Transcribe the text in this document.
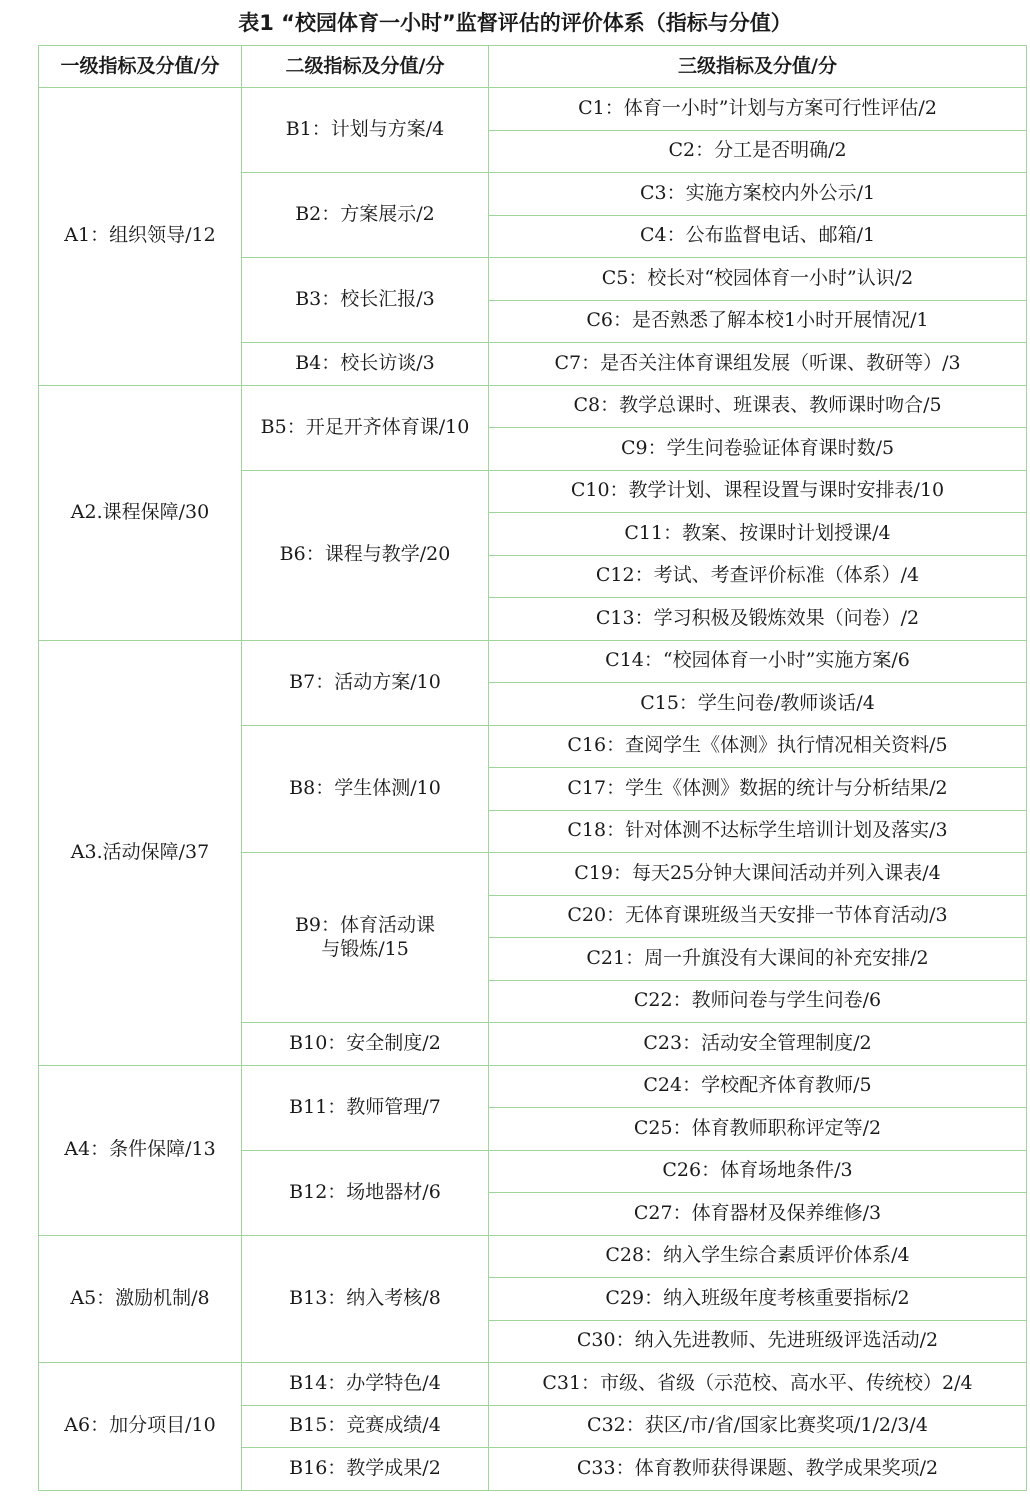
表1 “校园体育一小时”监督评估的评价体系（指标与分值）
一级指标及分值/分	二级指标及分值/分	三级指标及分值/分
A1：组织领导/12	B1：计划与方案/4	C1：体育一小时”计划与方案可行性评估/2
		C2：分工是否明确/2
	B2：方案展示/2	C3：实施方案校内外公示/1
		C4：公布监督电话、邮箱/1
	B3：校长汇报/3	C5：校长对“校园体育一小时”认识/2
		C6：是否熟悉了解本校1小时开展情况/1
	B4：校长访谈/3	C7：是否关注体育课组发展（听课、教研等）/3
A2.课程保障/30	B5：开足开齐体育课/10	C8：教学总课时、班课表、教师课时吻合/5
		C9：学生问卷验证体育课时数/5
	B6：课程与教学/20	C10：教学计划、课程设置与课时安排表/10
		C11：教案、按课时计划授课/4
		C12：考试、考查评价标准（体系）/4
		C13：学习积极及锻炼效果（问卷）/2
A3.活动保障/37	B7：活动方案/10	C14：“校园体育一小时”实施方案/6
		C15：学生问卷/教师谈话/4
	B8：学生体测/10	C16：查阅学生《体测》执行情况相关资料/5
		C17：学生《体测》数据的统计与分析结果/2
		C18：针对体测不达标学生培训计划及落实/3
	B9：体育活动课
与锻炼/15	C19：每天25分钟大课间活动并列入课表/4
		C20：无体育课班级当天安排一节体育活动/3
		C21：周一升旗没有大课间的补充安排/2
		C22：教师问卷与学生问卷/6
	B10：安全制度/2	C23：活动安全管理制度/2
A4：条件保障/13	B11：教师管理/7	C24：学校配齐体育教师/5
		C25：体育教师职称评定等/2
	B12：场地器材/6	C26：体育场地条件/3
		C27：体育器材及保养维修/3
A5：激励机制/8	B13：纳入考核/8	C28：纳入学生综合素质评价体系/4
		C29：纳入班级年度考核重要指标/2
		C30：纳入先进教师、先进班级评选活动/2
A6：加分项目/10	B14：办学特色/4	C31：市级、省级（示范校、高水平、传统校）2/4
	B15：竞赛成绩/4	C32：获区/市/省/国家比赛奖项/1/2/3/4
	B16：教学成果/2	C33：体育教师获得课题、教学成果奖项/2
